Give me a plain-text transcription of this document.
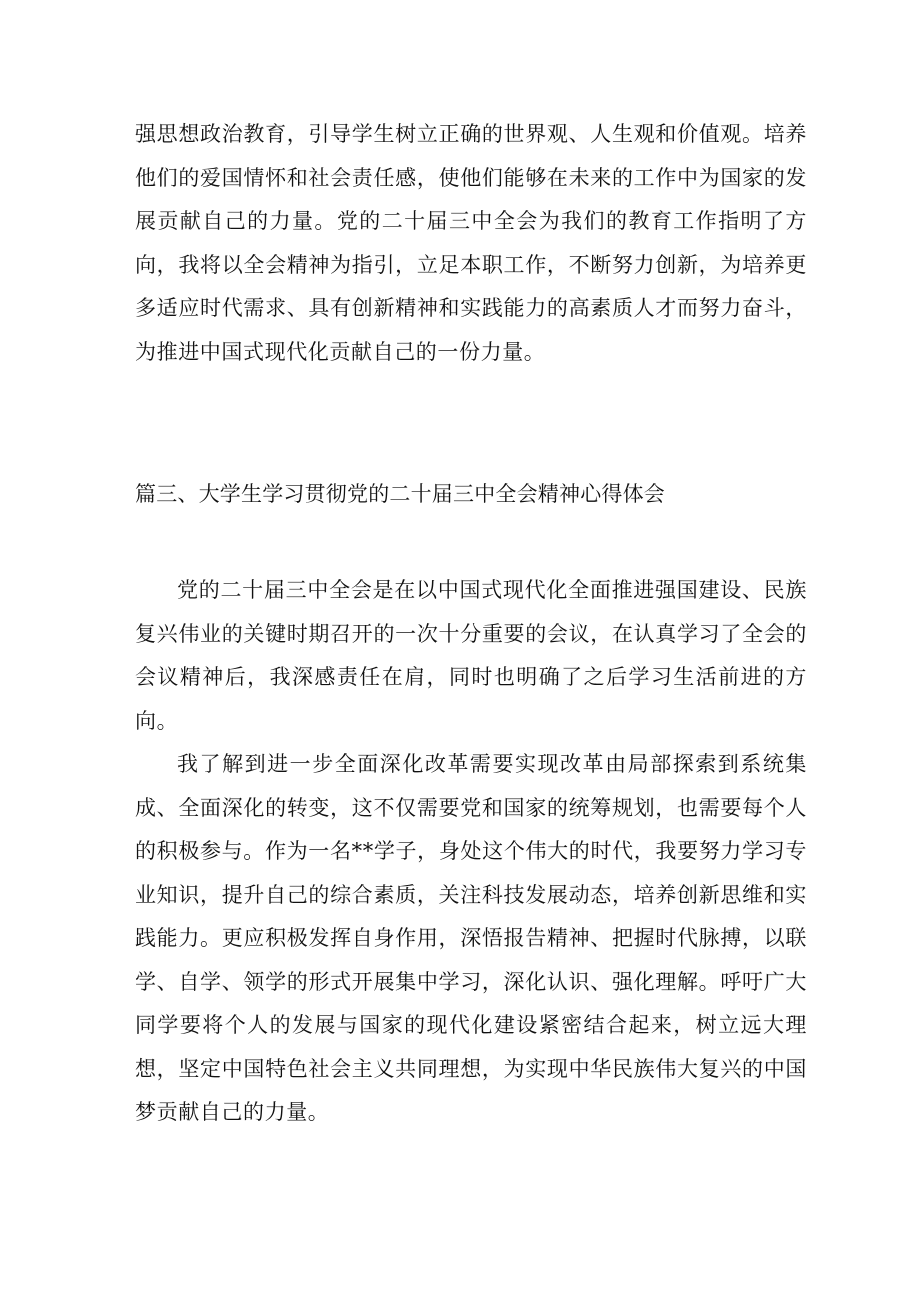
强思想政治教育，引导学生树立正确的世界观、人生观和价值观。培养他们的爱国情怀和社会责任感，使他们能够在未来的工作中为国家的发展贡献自己的力量。党的二十届三中全会为我们的教育工作指明了方向，我将以全会精神为指引，立足本职工作，不断努力创新，为培养更多适应时代需求、具有创新精神和实践能力的高素质人才而努力奋斗，为推进中国式现代化贡献自己的一份力量。

篇三、大学生学习贯彻党的二十届三中全会精神心得体会

党的二十届三中全会是在以中国式现代化全面推进强国建设、民族复兴伟业的关键时期召开的一次十分重要的会议，在认真学习了全会的会议精神后，我深感责任在肩，同时也明确了之后学习生活前进的方向。

我了解到进一步全面深化改革需要实现改革由局部探索到系统集成、全面深化的转变，这不仅需要党和国家的统筹规划，也需要每个人的积极参与。作为一名**学子，身处这个伟大的时代，我要努力学习专业知识，提升自己的综合素质，关注科技发展动态，培养创新思维和实践能力。更应积极发挥自身作用，深悟报告精神、把握时代脉搏，以联学、自学、领学的形式开展集中学习，深化认识、强化理解。呼吁广大同学要将个人的发展与国家的现代化建设紧密结合起来，树立远大理想，坚定中国特色社会主义共同理想，为实现中华民族伟大复兴的中国梦贡献自己的力量。
